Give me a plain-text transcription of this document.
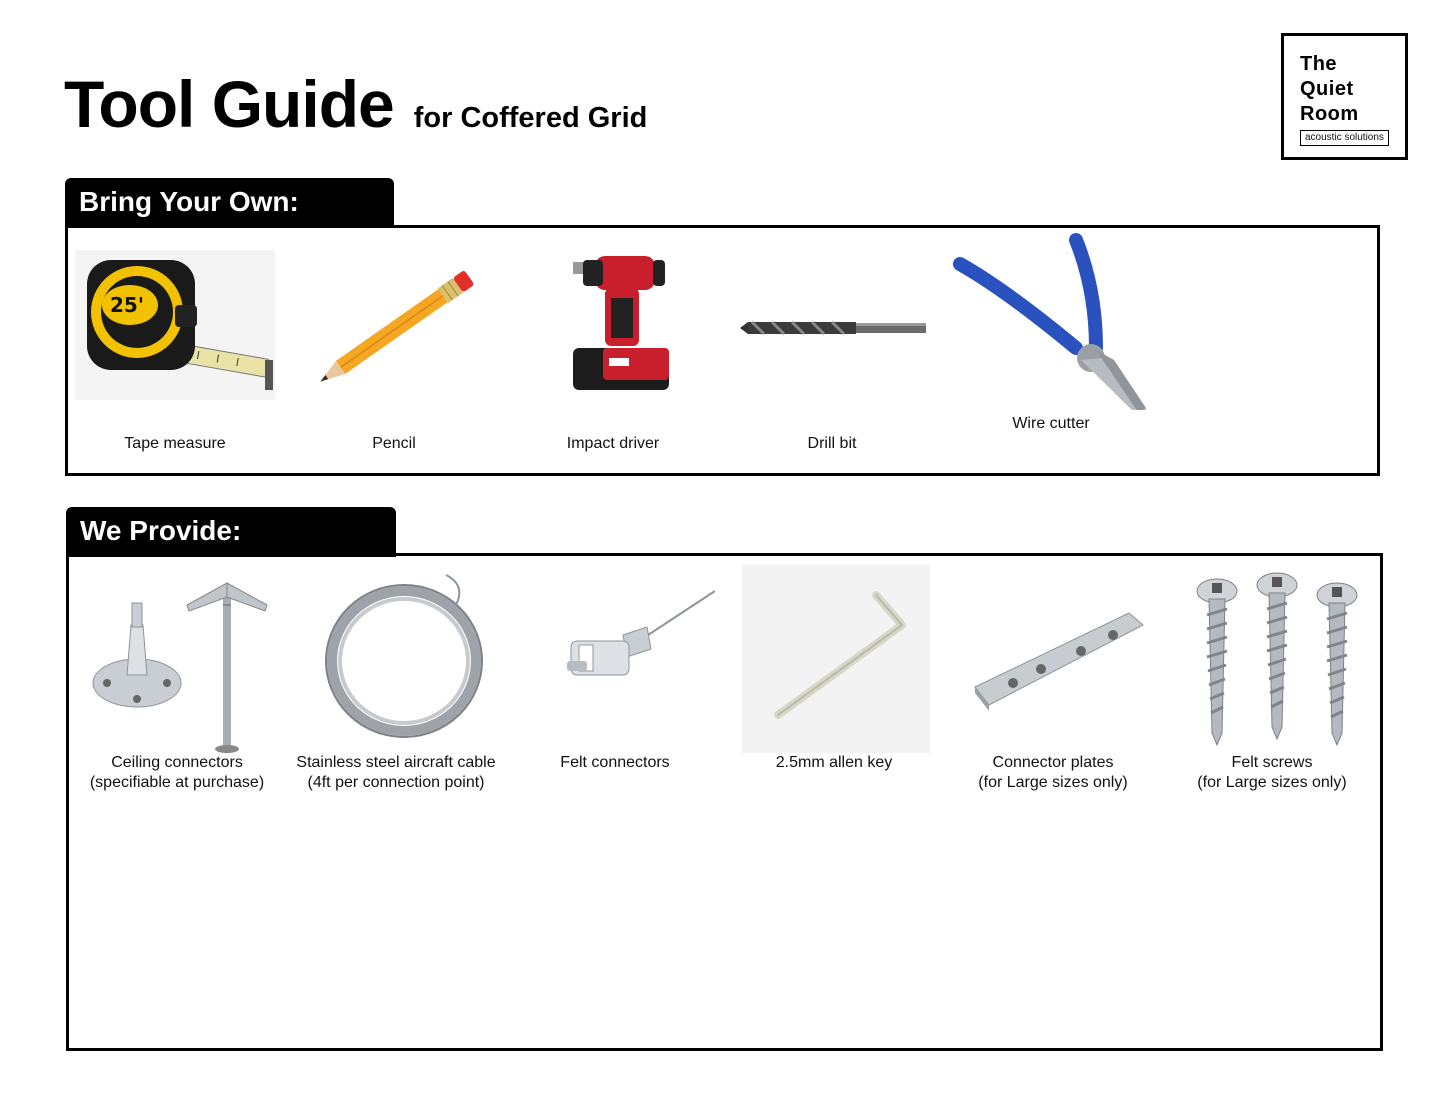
Tool Guide for Coffered Grid
The
Quiet
Room
acoustic solutions
Bring Your Own:
25'
Tape measure	Pencil	Impact driver	Drill bit
Wire cutter
We Provide:
Ceiling connectors
(specifiable at purchase)
Stainless steel aircraft cable
(4ft per connection point)
Felt connectors	2.5mm allen key	Connector plates
(for Large sizes only)
Felt screws
(for Large sizes only)
